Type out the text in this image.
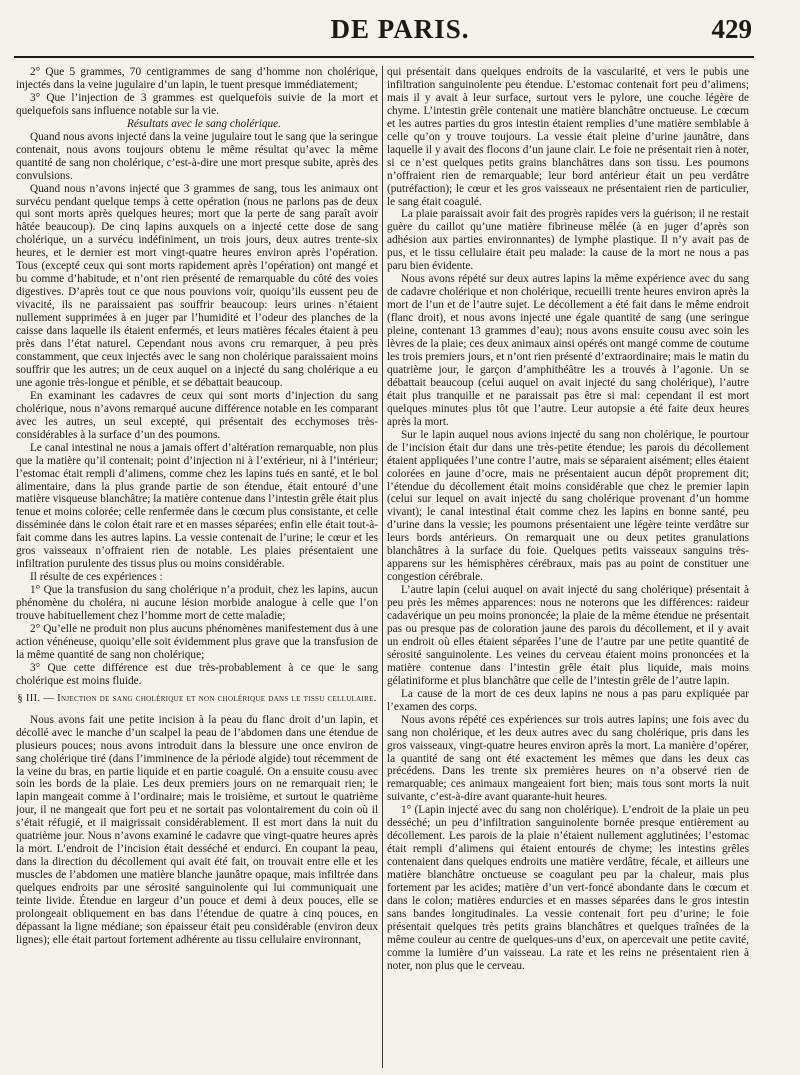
DE PARIS.	429

2° Que 5 grammes, 70 centigrammes de sang d’homme non cholérique, injectés dans la veine jugulaire d’un lapin, le tuent presque immédiatement;

3° Que l’injection de 3 grammes est quelquefois suivie de la mort et quelquefois sans influence notable sur la vie.

Résultats avec le sang cholérique.

Quand nous avons injecté dans la veine jugulaire tout le sang que la seringue contenait, nous avons toujours obtenu le même résultat qu’avec la même quantité de sang non cholérique, c’est-à-dire une mort presque subite, après des convulsions.

Quand nous n’avons injecté que 3 grammes de sang, tous les animaux ont survécu pendant quelque temps à cette opération (nous ne parlons pas de deux qui sont morts après quelques heures; mort que la perte de sang paraît avoir hâtée beaucoup). De cinq lapins auxquels on a injecté cette dose de sang cholérique, un a survécu indéfiniment, un trois jours, deux autres trente-six heures, et le dernier est mort vingt-quatre heures environ après l’opération. Tous (excepté ceux qui sont morts rapidement après l’opération) ont mangé et bu comme d’habitude, et n’ont rien présenté de remarquable du côté des voies digestives. D’après tout ce que nous pouvions voir, quoiqu’ils eussent peu de vivacité, ils ne paraissaient pas souffrir beaucoup: leurs urines n’étaient nullement supprimées à en juger par l’humidité et l’odeur des planches de la caisse dans laquelle ils étaient enfermés, et leurs matières fécales étaient à peu près dans l’état naturel. Cependant nous avons cru remarquer, à peu près constamment, que ceux injectés avec le sang non cholérique paraissaient moins souffrir que les autres; un de ceux auquel on a injecté du sang cholérique a eu une agonie très-longue et pénible, et se débattait beaucoup.

En examinant les cadavres de ceux qui sont morts d’injection du sang cholérique, nous n’avons remarqué aucune différence notable en les comparant avec les autres, un seul excepté, qui présentait des ecchymoses très-considérables à la surface d’un des poumons.

Le canal intestinal ne nous a jamais offert d’altération remarquable, non plus que la matière qu’il contenait; point d’injection ni à l’extérieur, ni à l’intérieur; l’estomac était rempli d’alimens, comme chez les lapins tués en santé, et le bol alimentaire, dans la plus grande partie de son étendue, était entouré d’une matière visqueuse blanchâtre; la matière contenue dans l’intestin grêle était plus tenue et moins colorée; celle renfermée dans le cœcum plus consistante, et celle disséminée dans le colon était rare et en masses séparées; enfin elle était tout-à-fait comme dans les autres lapins. La vessie contenait de l’urine; le cœur et les gros vaisseaux n’offraient rien de notable. Les plaies présentaient une infiltration purulente des tissus plus ou moins considérable.

Il résulte de ces expériences :

1° Que la transfusion du sang cholérique n’a produit, chez les lapins, aucun phénomène du choléra, ni aucune lésion morbide analogue à celle que l’on trouve habituellement chez l’homme mort de cette maladie;

2° Qu’elle ne produit non plus aucuns phénomènes manifestement dus à une action vénéneuse, quoiqu’elle soit évidemment plus grave que la transfusion de la même quantité de sang non cholérique;

3° Que cette différence est due très-probablement à ce que le sang cholérique est moins fluide.

§ III. — Injection de sang cholérique et non cholérique dans le tissu cellulaire.

Nous avons fait une petite incision à la peau du flanc droit d’un lapin, et décollé avec le manche d’un scalpel la peau de l’abdomen dans une étendue de plusieurs pouces; nous avons introduit dans la blessure une once environ de sang cholérique tiré (dans l’imminence de la période algide) tout récemment de la veine du bras, en partie liquide et en partie coagulé. On a ensuite cousu avec soin les bords de la plaie. Les deux premiers jours on ne remarquait rien; le lapin mangeait comme à l’ordinaire; mais le troisième, et surtout le quatrième jour, il ne mangeait que fort peu et ne sortait pas volontairement du coin où il s’était réfugié, et il maigrissait considérablement. Il est mort dans la nuit du quatrième jour. Nous n’avons examiné le cadavre que vingt-quatre heures après la mort. L’endroit de l’incision était desséché et endurci. En coupant la peau, dans la direction du décollement qui avait été fait, on trouvait entre elle et les muscles de l’abdomen une matière blanche jaunâtre opaque, mais infiltrée dans quelques endroits par une sérosité sanguinolente qui lui communiquait une teinte livide. Étendue en largeur d’un pouce et demi à deux pouces, elle se prolongeait obliquement en bas dans l’étendue de quatre à cinq pouces, en dépassant la ligne médiane; son épaisseur était peu considérable (environ deux lignes); elle était partout fortement adhérente au tissu cellulaire environnant,

qui présentait dans quelques endroits de la vascularité, et vers le pubis une infiltration sanguinolente peu étendue. L’estomac contenait fort peu d’alimens; mais il y avait à leur surface, surtout vers le pylore, une couche légère de chyme. L’intestin grêle contenait une matière blanchâtre onctueuse. Le cœcum et les autres parties du gros intestin étaient remplies d’une matière semblable à celle qu’on y trouve toujours. La vessie était pleine d’urine jaunâtre, dans laquelle il y avait des flocons d’un jaune clair. Le foie ne présentait rien à noter, si ce n’est quelques petits grains blanchâtres dans son tissu. Les poumons n’offraient rien de remarquable; leur bord antérieur était un peu verdâtre (putréfaction); le cœur et les gros vaisseaux ne présentaient rien de particulier, le sang était coagulé.

La plaie paraissait avoir fait des progrès rapides vers la guérison; il ne restait guère du caillot qu’une matière fibrineuse mêlée (à en juger d’après son adhésion aux parties environnantes) de lymphe plastique. Il n’y avait pas de pus, et le tissu cellulaire était peu malade: la cause de la mort ne nous a pas paru bien évidente.

Nous avons répété sur deux autres lapins la même expérience avec du sang de cadavre cholérique et non cholérique, recueilli trente heures environ après la mort de l’un et de l’autre sujet. Le décollement a été fait dans le même endroit (flanc droit), et nous avons injecté une égale quantité de sang (une seringue pleine, contenant 13 grammes d’eau); nous avons ensuite cousu avec soin les lèvres de la plaie; ces deux animaux ainsi opérés ont mangé comme de coutume les trois premiers jours, et n’ont rien présenté d’extraordinaire; mais le matin du quatrième jour, le garçon d’amphithéâtre les a trouvés à l’agonie. Un se débattait beaucoup (celui auquel on avait injecté du sang cholérique), l’autre était plus tranquille et ne paraissait pas être si mal: cependant il est mort quelques minutes plus tôt que l’autre. Leur autopsie a été faite deux heures après la mort.

Sur le lapin auquel nous avions injecté du sang non cholérique, le pourtour de l’incision était dur dans une très-petite étendue; les parois du décollement étaient appliquées l’une contre l’autre, mais se séparaient aisément; elles étaient colorées en jaune d’ocre, mais ne présentaient aucun dépôt proprement dit; l’étendue du décollement était moins considérable que chez le premier lapin (celui sur lequel on avait injecté du sang cholérique provenant d’un homme vivant); le canal intestinal était comme chez les lapins en bonne santé, peu d’urine dans la vessie; les poumons présentaient une légère teinte verdâtre sur leurs bords antérieurs. On remarquait une ou deux petites granulations blanchâtres à la surface du foie. Quelques petits vaisseaux sanguins très-apparens sur les hémisphères cérébraux, mais pas au point de constituer une congestion cérébrale.

L’autre lapin (celui auquel on avait injecté du sang cholérique) présentait à peu près les mêmes apparences: nous ne noterons que les différences: raideur cadavérique un peu moins prononcée; la plaie de la même étendue ne présentait pas ou presque pas de coloration jaune des parois du décollement, et il y avait un endroit où elles étaient séparées l’une de l’autre par une petite quantité de sérosité sanguinolente. Les veines du cerveau étaient moins prononcées et la matière contenue dans l’intestin grêle était plus liquide, mais moins gélatiniforme et plus blanchâtre que celle de l’intestin grêle de l’autre lapin.

La cause de la mort de ces deux lapins ne nous a pas paru expliquée par l’examen des corps.

Nous avons répété ces expériences sur trois autres lapins; une fois avec du sang non cholérique, et les deux autres avec du sang cholérique, pris dans les gros vaisseaux, vingt-quatre heures environ après la mort. La manière d’opérer, la quantité de sang ont été exactement les mêmes que dans les deux cas précédens. Dans les trente six premières heures on n’a observé rien de remarquable; ces animaux mangeaient fort bien; mais tous sont morts la nuit suivante, c’est-à-dire avant quarante-huit heures.

1° (Lapin injecté avec du sang non cholérique). L’endroit de la plaie un peu desséché; un peu d’infiltration sanguinolente bornée presque entièrement au décollement. Les parois de la plaie n’étaient nullement agglutinées; l’estomac était rempli d’alimens qui étaient entourés de chyme; les intestins grêles contenaient dans quelques endroits une matière verdâtre, fécale, et ailleurs une matière blanchâtre onctueuse se coagulant peu par la chaleur, mais plus fortement par les acides; matière d’un vert-foncé abondante dans le cœcum et dans le colon; matières endurcies et en masses séparées dans le gros intestin sans bandes longitudinales. La vessie contenait fort peu d’urine; le foie présentait quelques très petits grains blanchâtres et quelques traînées de la même couleur au centre de quelques-uns d’eux, on apercevait une petite cavité, comme la lumière d’un vaisseau. La rate et les reins ne présentaient rien à noter, non plus que le cerveau.
